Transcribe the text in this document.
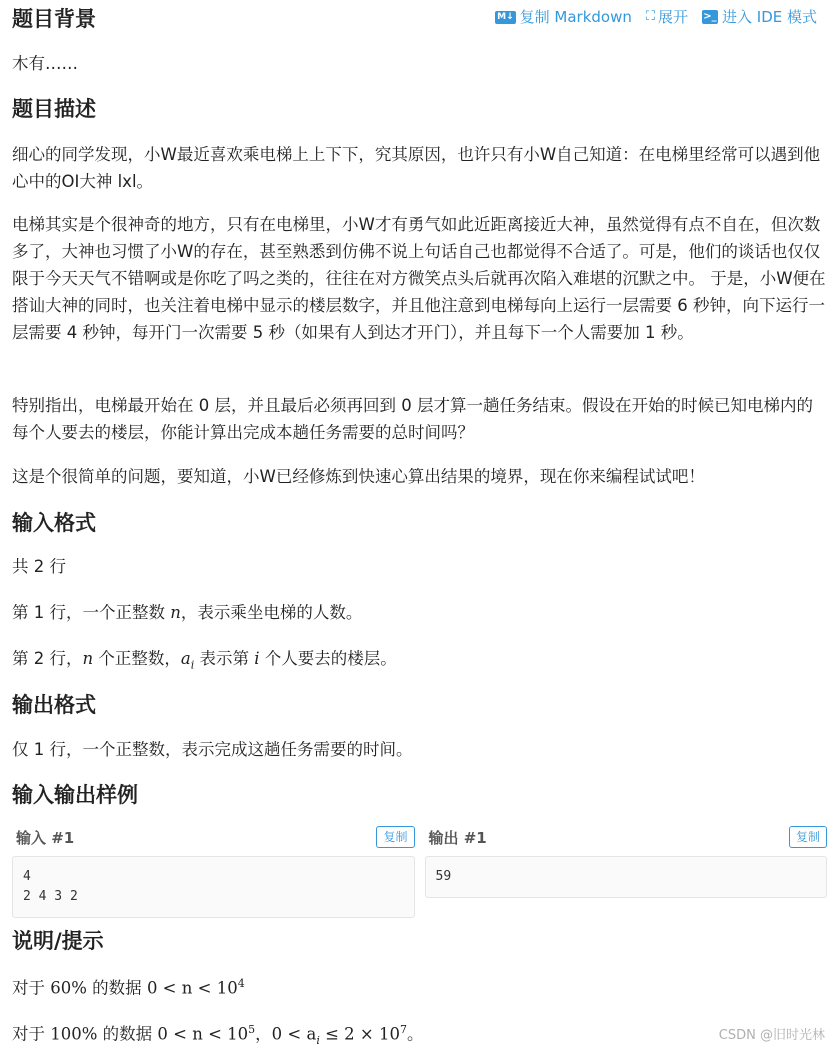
题目背景	M↓ 复制 Markdown ⛶ 展开 >_ 进入 IDE 模式

木有……

题目描述

细心的同学发现，小W最近喜欢乘电梯上上下下，究其原因，也许只有小W自己知道：在电梯里经常可以遇到他心中的OI大神 lxl。

电梯其实是个很神奇的地方，只有在电梯里，小W才有勇气如此近距离接近大神，虽然觉得有点不自在，但次数多了，大神也习惯了小W的存在，甚至熟悉到仿佛不说上句话自己也都觉得不合适了。可是，他们的谈话也仅仅限于今天天气不错啊或是你吃了吗之类的，往往在对方微笑点头后就再次陷入难堪的沉默之中。 于是，小W便在搭讪大神的同时，也关注着电梯中显示的楼层数字，并且他注意到电梯每向上运行一层需要 6 秒钟，向下运行一层需要 4 秒钟，每开门一次需要 5 秒（如果有人到达才开门），并且每下一个人需要加 1 秒。

特别指出，电梯最开始在 0 层，并且最后必须再回到 0 层才算一趟任务结束。假设在开始的时候已知电梯内的每个人要去的楼层，你能计算出完成本趟任务需要的总时间吗？

这是个很简单的问题，要知道，小W已经修炼到快速心算出结果的境界，现在你来编程试试吧！

输入格式

共 2 行

第 1 行，一个正整数 n，表示乘坐电梯的人数。

第 2 行，n 个正整数，$a_i$ 表示第 i 个人要去的楼层。

输出格式

仅 1 行，一个正整数，表示完成这趟任务需要的时间。

输入输出样例
输入 #1	复制
4
2 4 3 2
输出 #1	复制
59
说明/提示

对于 60% 的数据 $0 < n < 10^4$

对于 100% 的数据 $0 < n < 10^5$，$0 < a_i \le 2 \times 10^7$。	CSDN @旧时光林
